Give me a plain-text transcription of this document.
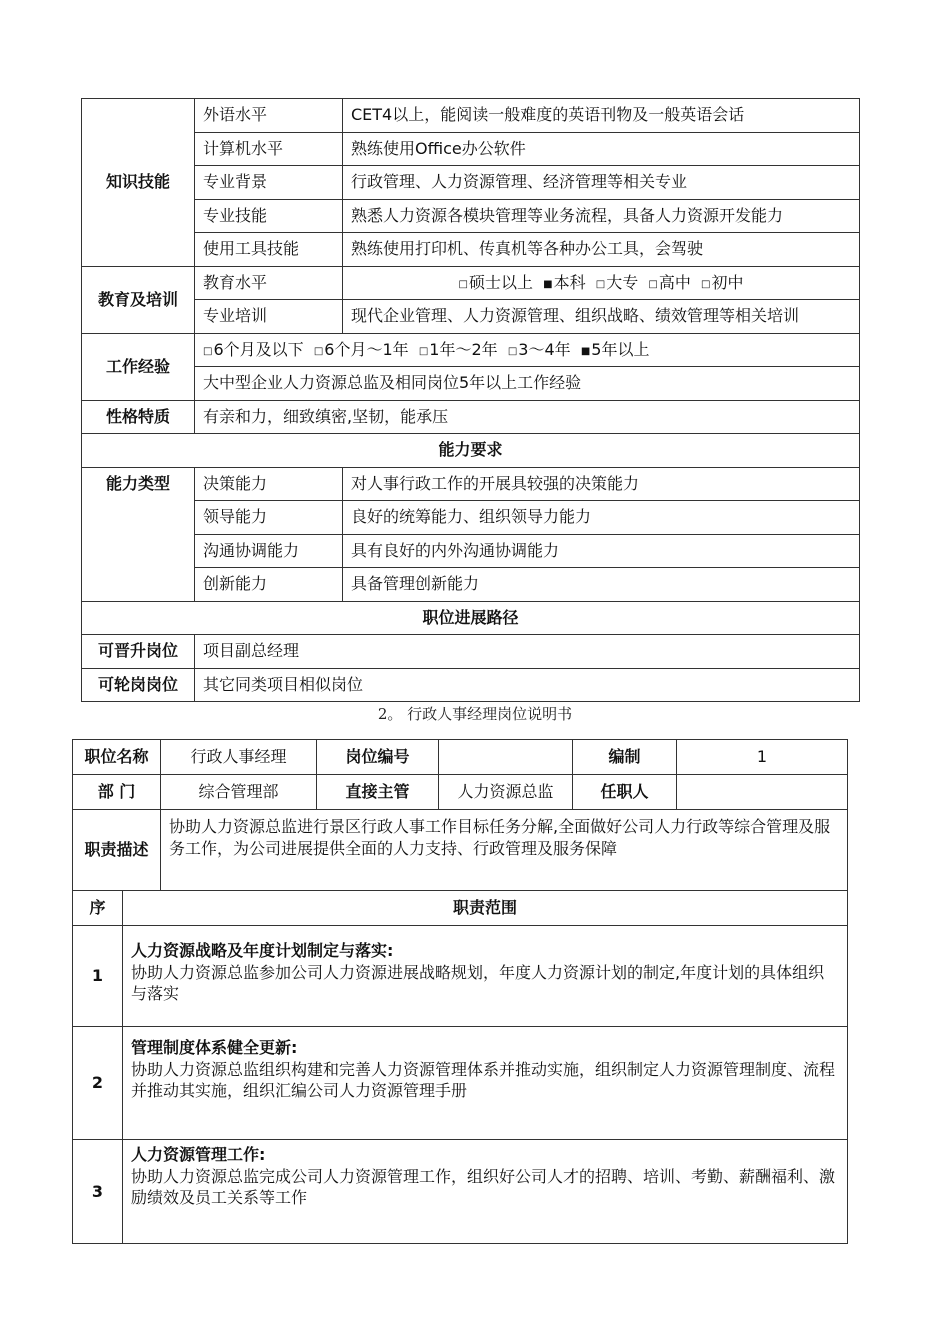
知识技能	外语水平	CET4以上，能阅读一般难度的英语刊物及一般英语会话
	计算机水平	熟练使用Office办公软件
	专业背景	行政管理、人力资源管理、经济管理等相关专业
	专业技能	熟悉人力资源各模块管理等业务流程，具备人力资源开发能力
	使用工具技能	熟练使用打印机、传真机等各种办公工具，会驾驶
教育及培训	教育水平	□硕士以上 ■本科 □大专 □高中 □初中
	专业培训	现代企业管理、人力资源管理、组织战略、绩效管理等相关培训
工作经验	□6个月及以下 □6个月～1年 □1年～2年 □3～4年 ■5年以上	
	大中型企业人力资源总监及相同岗位5年以上工作经验	
性格特质	有亲和力，细致缜密,坚韧，能承压	
能力要求		
能力类型	决策能力	对人事行政工作的开展具较强的决策能力
	领导能力	良好的统筹能力、组织领导力能力
	沟通协调能力	具有良好的内外沟通协调能力
	创新能力	具备管理创新能力
职位进展路径		
可晋升岗位	项目副总经理	
可轮岗岗位	其它同类项目相似岗位	
2。 行政人事经理岗位说明书
职位名称		行政人事经理	岗位编号		编制	1
部 门		综合管理部	直接主管	人力资源总监	任职人	
职责描述		协助人力资源总监进行景区行政人事工作目标任务分解,全面做好公司人力行政等综合管理及服务工作，为公司进展提供全面的人力支持、行政管理及服务保障				
序	职责范围					
1	人力资源战略及年度计划制定与落实:
协助人力资源总监参加公司人力资源进展战略规划，年度人力资源计划的制定,年度计划的具体组织与落实					
2	管理制度体系健全更新:
协助人力资源总监组织构建和完善人力资源管理体系并推动实施，组织制定人力资源管理制度、流程并推动其实施，组织汇编公司人力资源管理手册					
3	人力资源管理工作:
协助人力资源总监完成公司人力资源管理工作，组织好公司人才的招聘、培训、考勤、薪酬福利、激励绩效及员工关系等工作					
